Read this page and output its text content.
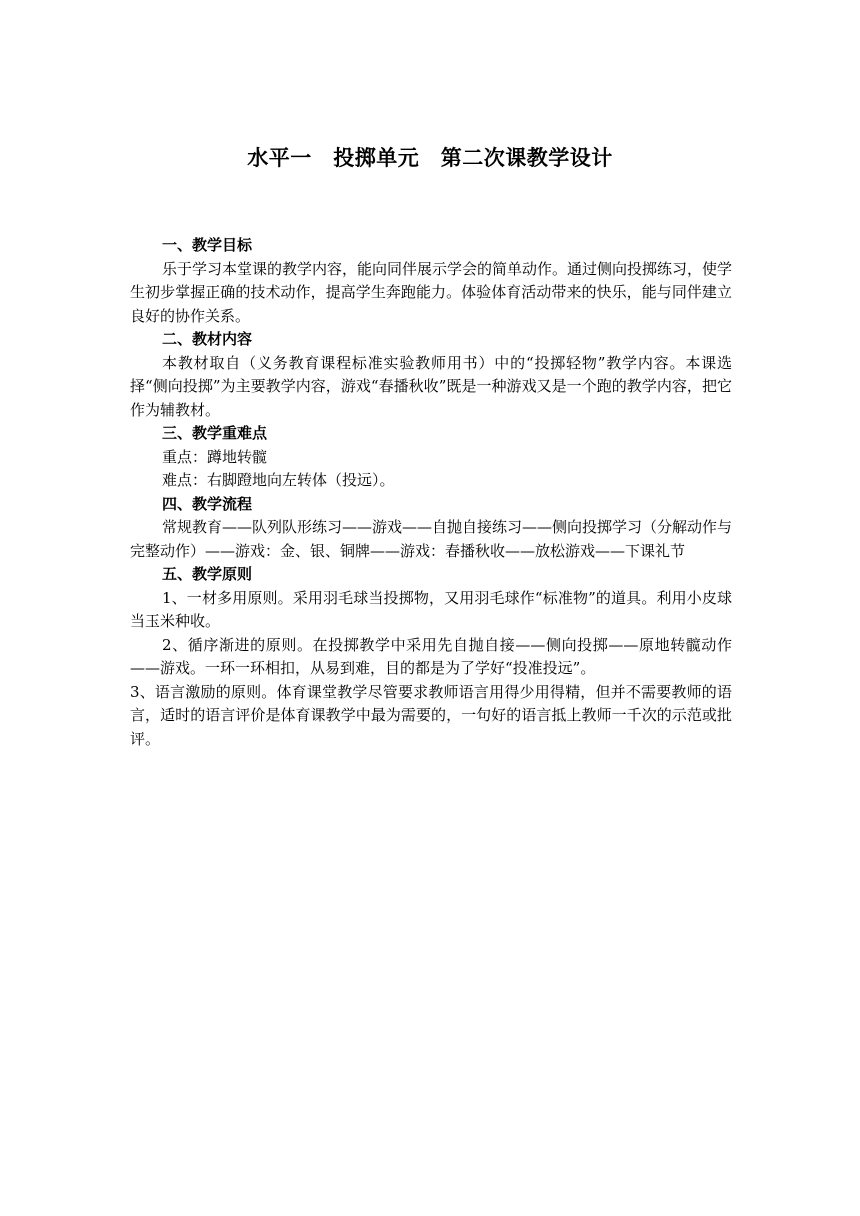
水平一　投掷单元　第二次课教学设计
一、教学目标

乐于学习本堂课的教学内容，能向同伴展示学会的简单动作。通过侧向投掷练习，使学生初步掌握正确的技术动作，提高学生奔跑能力。体验体育活动带来的快乐，能与同伴建立良好的协作关系。

二、教材内容

本教材取自（义务教育课程标准实验教师用书）中的“投掷轻物”教学内容。本课选择“侧向投掷”为主要教学内容，游戏“春播秋收”既是一种游戏又是一个跑的教学内容，把它作为辅教材。

三、教学重难点
重点：蹲地转髋
难点：右脚蹬地向左转体（投远）。
四、教学流程

常规教育——队列队形练习——游戏——自抛自接练习——侧向投掷学习（分解动作与完整动作）——游戏：金、银、铜牌——游戏：春播秋收——放松游戏——下课礼节

五、教学原则

1、一材多用原则。采用羽毛球当投掷物，又用羽毛球作“标准物”的道具。利用小皮球当玉米种收。

2、循序渐进的原则。在投掷教学中采用先自抛自接——侧向投掷——原地转髋动作——游戏。一环一环相扣，从易到难，目的都是为了学好“投准投远”。

3、语言激励的原则。体育课堂教学尽管要求教师语言用得少用得精，但并不需要教师的语言，适时的语言评价是体育课教学中最为需要的，一句好的语言抵上教师一千次的示范或批评。
